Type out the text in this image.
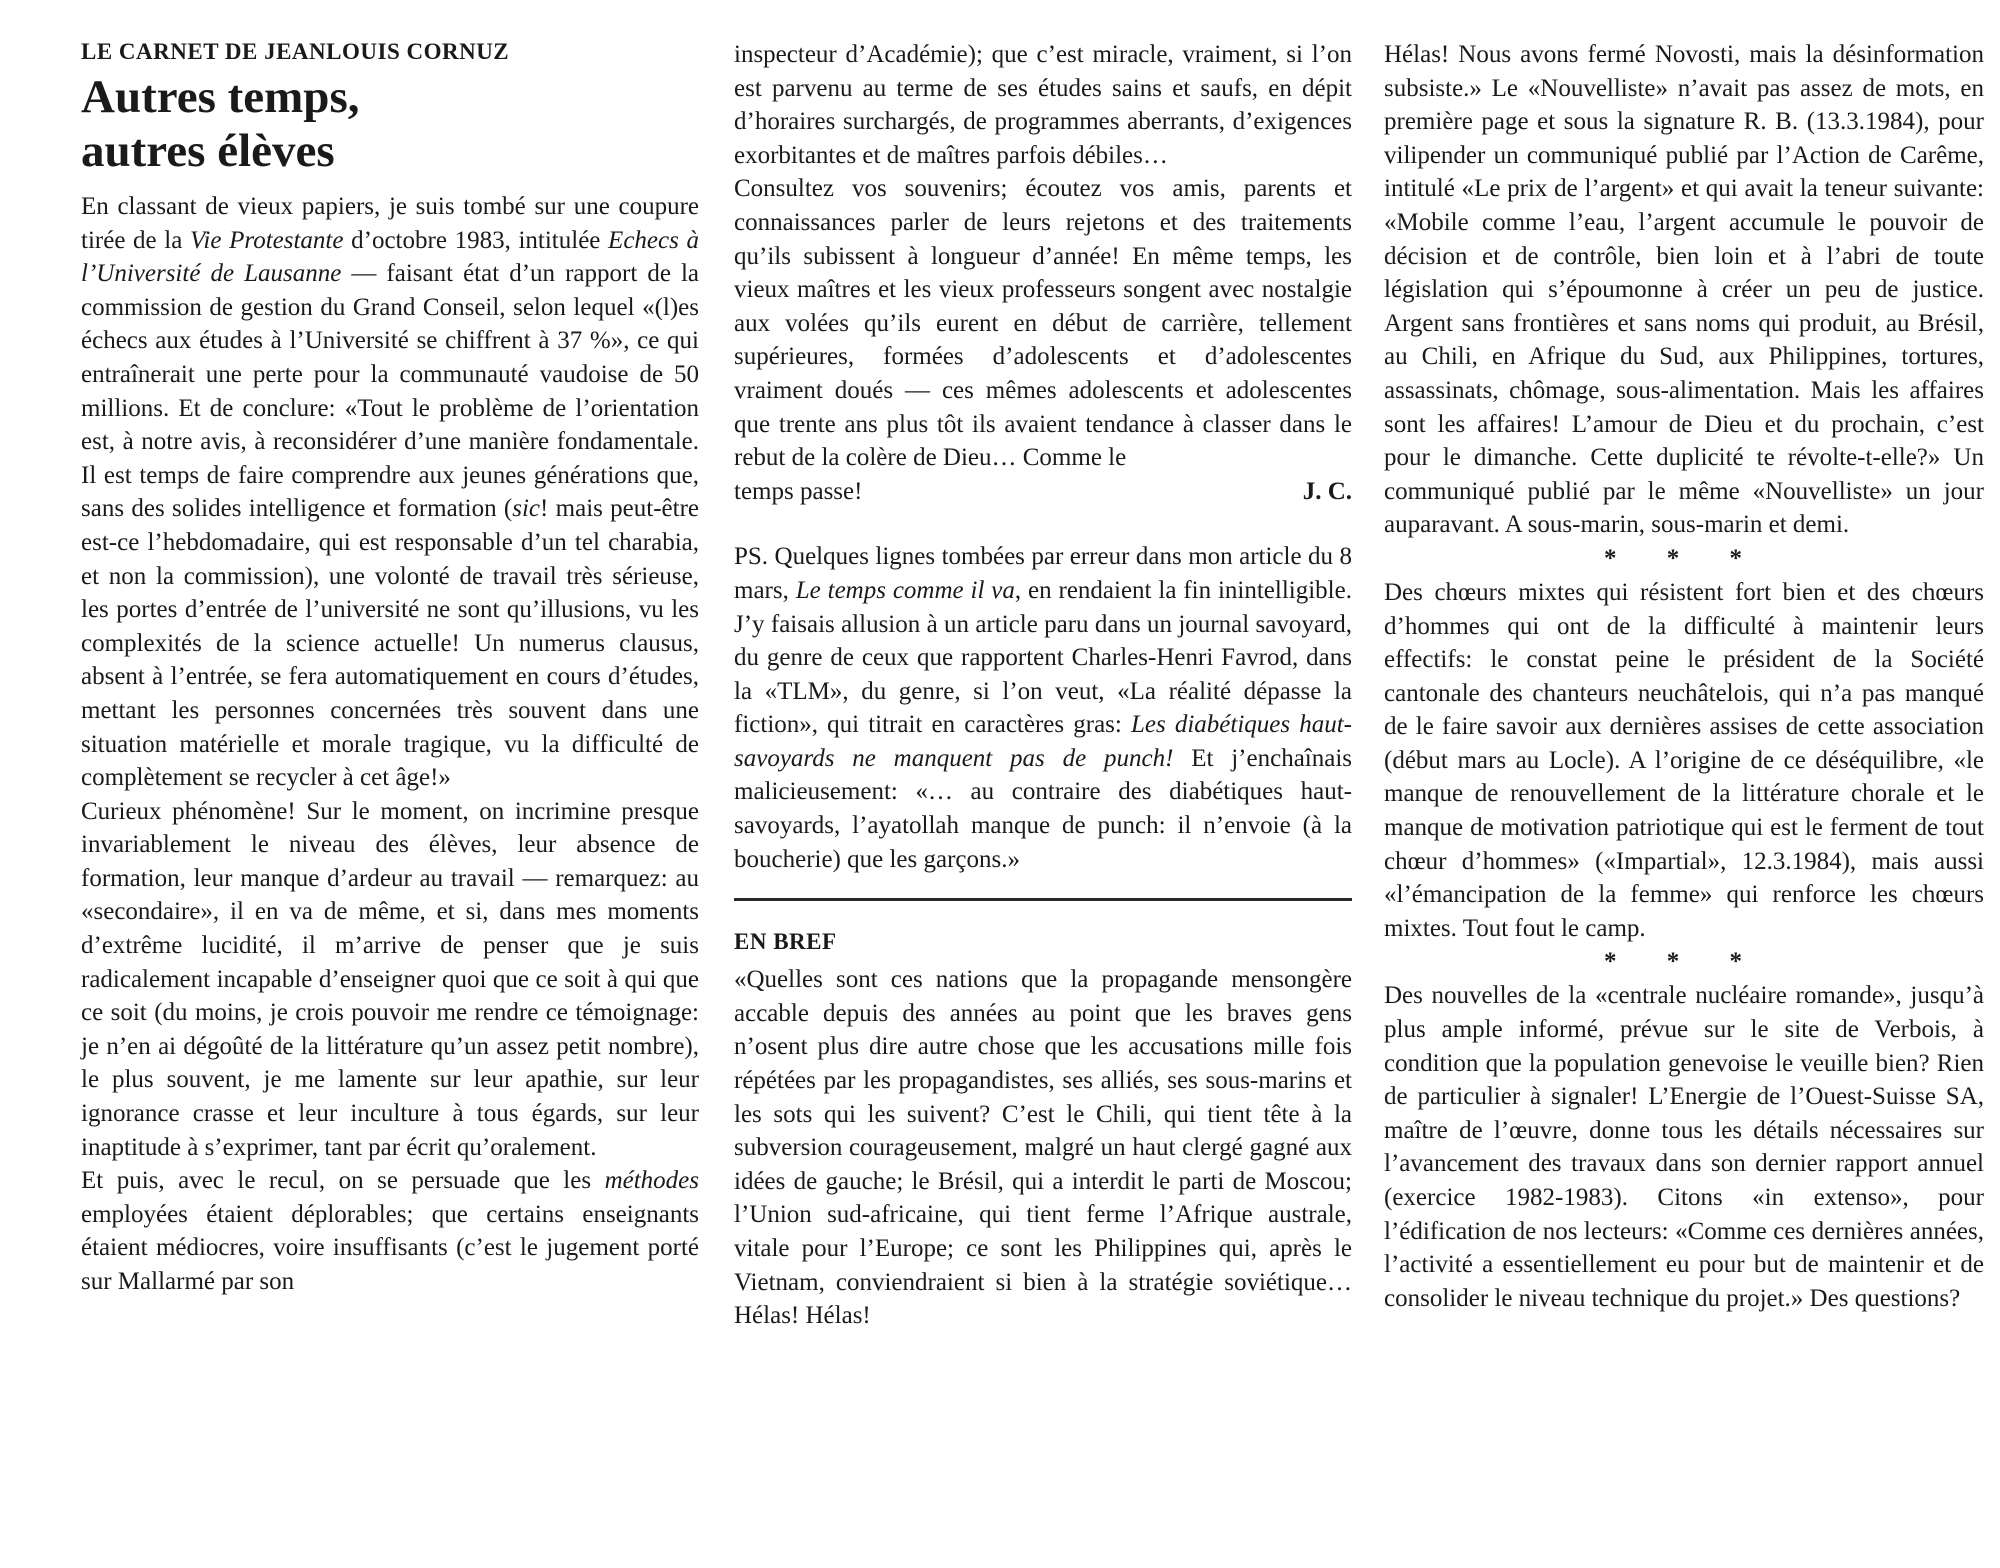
LE CARNET DE JEANLOUIS CORNUZ
Autres temps,
autres élèves

En classant de vieux papiers, je suis tombé sur une coupure tirée de la Vie Protestante d’octobre 1983, intitulée Echecs à l’Université de Lausanne — faisant état d’un rapport de la commission de gestion du Grand Conseil, selon lequel «(l)es échecs aux études à l’Université se chiffrent à 37 %», ce qui entraînerait une perte pour la communauté vaudoise de 50 millions. Et de conclure: «Tout le problème de l’orientation est, à notre avis, à reconsidérer d’une manière fondamentale. Il est temps de faire comprendre aux jeunes générations que, sans des solides intelligence et formation (sic! mais peut-être est-ce l’hebdomadaire, qui est responsable d’un tel charabia, et non la commission), une volonté de travail très sérieuse, les portes d’entrée de l’université ne sont qu’illusions, vu les complexités de la science actuelle! Un numerus clausus, absent à l’entrée, se fera automatiquement en cours d’études, mettant les personnes concernées très souvent dans une situation matérielle et morale tragique, vu la difficulté de complètement se recycler à cet âge!»

Curieux phénomène! Sur le moment, on incrimine presque invariablement le niveau des élèves, leur absence de formation, leur manque d’ardeur au travail — remarquez: au «secondaire», il en va de même, et si, dans mes moments d’extrême lucidité, il m’arrive de penser que je suis radicalement incapable d’enseigner quoi que ce soit à qui que ce soit (du moins, je crois pouvoir me rendre ce témoignage: je n’en ai dégoûté de la littérature qu’un assez petit nombre), le plus souvent, je me lamente sur leur apathie, sur leur ignorance crasse et leur inculture à tous égards, sur leur inaptitude à s’exprimer, tant par écrit qu’oralement.

Et puis, avec le recul, on se persuade que les méthodes employées étaient déplorables; que certains enseignants étaient médiocres, voire insuffisants (c’est le jugement porté sur Mallarmé par son

inspecteur d’Académie); que c’est miracle, vraiment, si l’on est parvenu au terme de ses études sains et saufs, en dépit d’horaires surchargés, de programmes aberrants, d’exigences exorbitantes et de maîtres parfois débiles…

Consultez vos souvenirs; écoutez vos amis, parents et connaissances parler de leurs rejetons et des traitements qu’ils subissent à longueur d’année! En même temps, les vieux maîtres et les vieux professeurs songent avec nostalgie aux volées qu’ils eurent en début de carrière, tellement supérieures, formées d’adolescents et d’adolescentes vraiment doués — ces mêmes adolescents et adolescentes que trente ans plus tôt ils avaient tendance à classer dans le rebut de la colère de Dieu… Comme le

temps passe!	J. C.

PS. Quelques lignes tombées par erreur dans mon article du 8 mars, Le temps comme il va, en rendaient la fin inintelligible. J’y faisais allusion à un article paru dans un journal savoyard, du genre de ceux que rapportent Charles-Henri Favrod, dans la «TLM», du genre, si l’on veut, «La réalité dépasse la fiction», qui titrait en caractères gras: Les diabétiques haut-savoyards ne manquent pas de punch! Et j’enchaînais malicieusement: «… au contraire des diabétiques haut-savoyards, l’ayatollah manque de punch: il n’envoie (à la boucherie) que les garçons.»

EN BREF

«Quelles sont ces nations que la propagande mensongère accable depuis des années au point que les braves gens n’osent plus dire autre chose que les accusations mille fois répétées par les propagandistes, ses alliés, ses sous-marins et les sots qui les suivent? C’est le Chili, qui tient tête à la subversion courageusement, malgré un haut clergé gagné aux idées de gauche; le Brésil, qui a interdit le parti de Moscou; l’Union sud-africaine, qui tient ferme l’Afrique australe, vitale pour l’Europe; ce sont les Philippines qui, après le Vietnam, conviendraient si bien à la stratégie soviétique… Hélas! Hélas!

Hélas! Nous avons fermé Novosti, mais la désinformation subsiste.» Le «Nouvelliste» n’avait pas assez de mots, en première page et sous la signature R. B. (13.3.1984), pour vilipender un communiqué publié par l’Action de Carême, intitulé «Le prix de l’argent» et qui avait la teneur suivante: «Mobile comme l’eau, l’argent accumule le pouvoir de décision et de contrôle, bien loin et à l’abri de toute législation qui s’époumonne à créer un peu de justice. Argent sans frontières et sans noms qui produit, au Brésil, au Chili, en Afrique du Sud, aux Philippines, tortures, assassinats, chômage, sous-alimentation. Mais les affaires sont les affaires! L’amour de Dieu et du prochain, c’est pour le dimanche. Cette duplicité te révolte-t-elle?» Un communiqué publié par le même «Nouvelliste» un jour auparavant. A sous-marin, sous-marin et demi.

* * *

Des chœurs mixtes qui résistent fort bien et des chœurs d’hommes qui ont de la difficulté à maintenir leurs effectifs: le constat peine le président de la Société cantonale des chanteurs neuchâtelois, qui n’a pas manqué de le faire savoir aux dernières assises de cette association (début mars au Locle). A l’origine de ce déséquilibre, «le manque de renouvellement de la littérature chorale et le manque de motivation patriotique qui est le ferment de tout chœur d’hommes» («Impartial», 12.3.1984), mais aussi «l’émancipation de la femme» qui renforce les chœurs mixtes. Tout fout le camp.

* * *

Des nouvelles de la «centrale nucléaire romande», jusqu’à plus ample informé, prévue sur le site de Verbois, à condition que la population genevoise le veuille bien? Rien de particulier à signaler! L’Energie de l’Ouest-Suisse SA, maître de l’œuvre, donne tous les détails nécessaires sur l’avancement des travaux dans son dernier rapport annuel (exercice 1982-1983). Citons «in extenso», pour l’édification de nos lecteurs: «Comme ces dernières années, l’activité a essentiellement eu pour but de maintenir et de consolider le niveau technique du projet.» Des questions?
